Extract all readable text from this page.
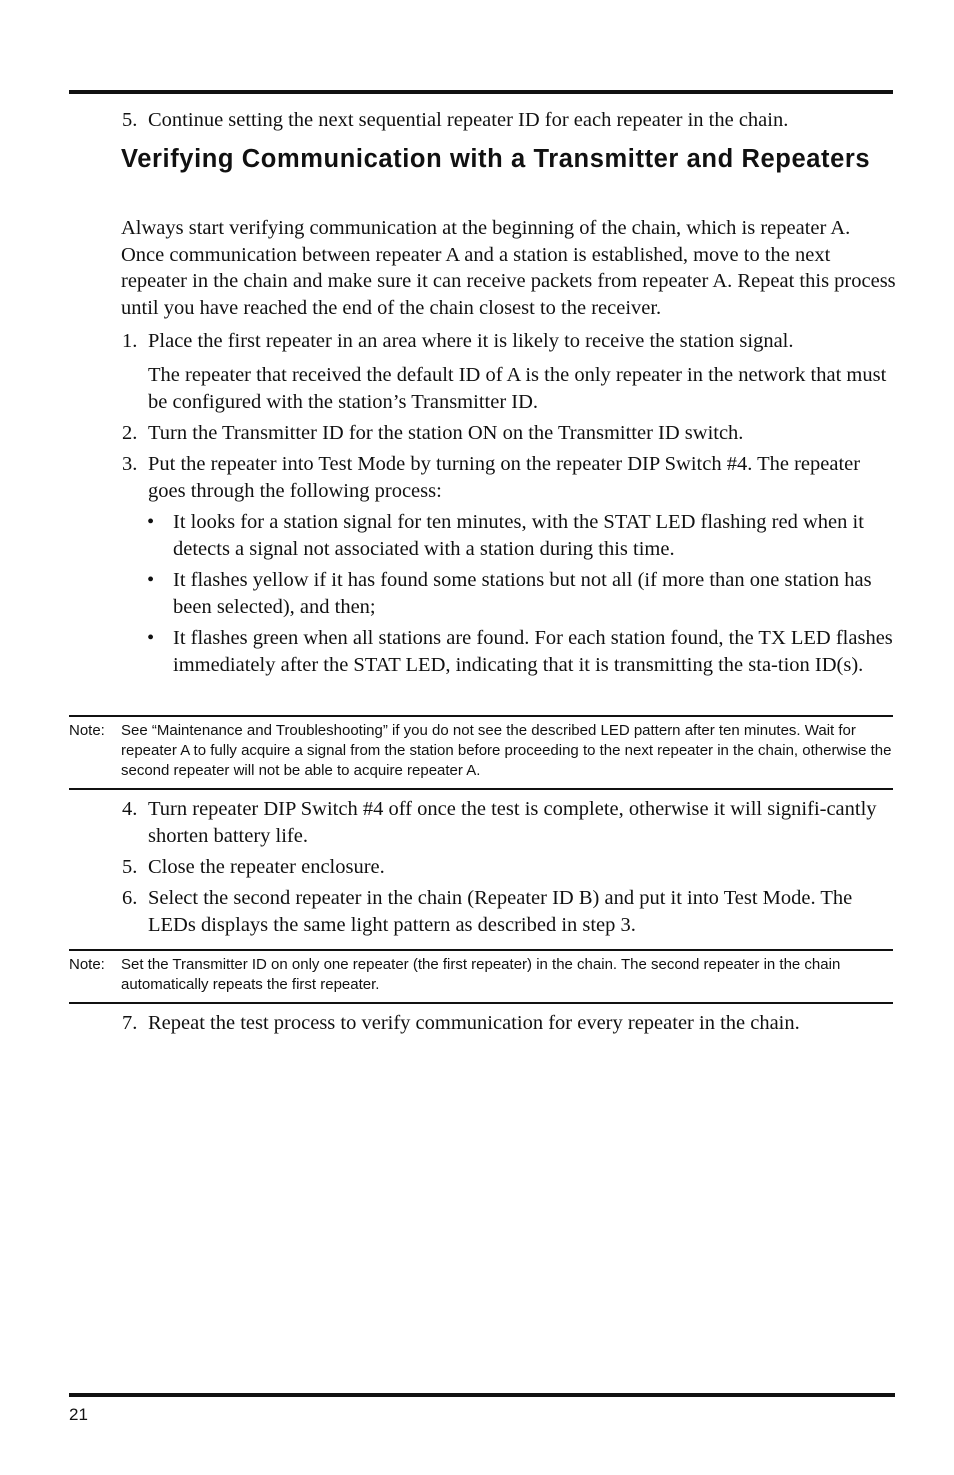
5. Continue setting the next sequential repeater ID for each repeater in the chain.
Verifying Communication with a Transmitter and Repeaters
Always start verifying communication at the beginning of the chain, which is repeater A. Once communication between repeater A and a station is established, move to the next repeater in the chain and make sure it can receive packets from repeater A. Repeat this process until you have reached the end of the chain closest to the receiver.
1. Place the first repeater in an area where it is likely to receive the station signal.
The repeater that received the default ID of A is the only repeater in the network that must be configured with the station’s Transmitter ID.
2. Turn the Transmitter ID for the station ON on the Transmitter ID switch.
3. Put the repeater into Test Mode by turning on the repeater DIP Switch #4. The repeater goes through the following process:
• It looks for a station signal for ten minutes, with the STAT LED flashing red when it detects a signal not associated with a station during this time.
• It flashes yellow if it has found some stations but not all (if more than one station has been selected), and then;
• It flashes green when all stations are found. For each station found, the TX LED flashes immediately after the STAT LED, indicating that it is transmitting the sta-tion ID(s).
Note: See “Maintenance and Troubleshooting” if you do not see the described LED pattern after ten minutes. Wait for repeater A to fully acquire a signal from the station before proceeding to the next repeater in the chain, otherwise the second repeater will not be able to acquire repeater A.
4. Turn repeater DIP Switch #4 off once the test is complete, otherwise it will signifi-cantly shorten battery life.
5. Close the repeater enclosure.
6. Select the second repeater in the chain (Repeater ID B) and put it into Test Mode. The LEDs displays the same light pattern as described in step 3.
Note: Set the Transmitter ID on only one repeater (the first repeater) in the chain. The second repeater in the chain automatically repeats the first repeater.
7. Repeat the test process to verify communication for every repeater in the chain.
21
